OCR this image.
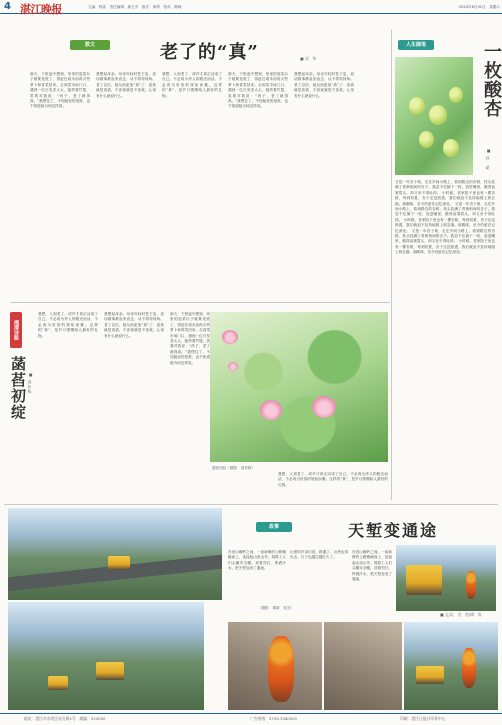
4 湛江晚报	主编：郭雷　责任编辑：龚卫平　版式：黄珺　校对：陈晓	2024年8月31日　星期六
散文	老了的“真”	■ 刘　华
那天，下班途中想到，家里的泡菜坛子就要见底了，得赶在周末前再买些萝卜和青菜回来。走到菜市场门口，遇到一位白发老太太，她挎着竹篮，笑着对我说：“孩子，老了就得真。”我愣住了，不知她说的是谁，也不知道她为何这样说。
我想起母亲。母亲年轻时性子急，说话做事都直来直去，从不拐弯抹角。老了以后，她反而更加“真”了：喜欢就是喜欢，不喜欢就是不喜欢，心里有什么就说什么。
我想，人到老了，或许才真正活成了自己。不必再为旁人的眼光而活，不必再为世俗的规矩而累。这样的“真”，是岁月馈赠给人最好的礼物。
那天，下班途中想到，家里的泡菜坛子就要见底了，得赶在周末前再买些萝卜和青菜回来。走到菜市场门口，遇到一位白发老太太，她挎着竹篮，笑着对我说：“孩子，老了就得真。”我愣住了，不知她说的是谁，也不知道她为何这样说。
我想起母亲。母亲年轻时性子急，说话做事都直来直去，从不拐弯抹角。老了以后，她反而更加“真”了：喜欢就是喜欢，不喜欢就是不喜欢，心里有什么就说什么。
人生随笔	一枚酸杏
■ 孙　斌
又是一年杏子黄，走在乡间小路上，看到路边的杏树，枝头挂满了青黄相间的杏子。我忍不住摘下一枚，放进嘴里，酸得直皱眉头，却又舍不得吐掉。 小时候，老家院子里也有一棵杏树，每到初夏，杏子还没熟透，我们就迫不及待地爬上树去摘。那酸味，至今仍留在记忆深处。 又是一年杏子黄，走在乡间小路上，看到路边的杏树，枝头挂满了青黄相间的杏子。我忍不住摘下一枚，放进嘴里，酸得直皱眉头，却又舍不得吐掉。 小时候，老家院子里也有一棵杏树，每到初夏，杏子还没熟透，我们就迫不及待地爬上树去摘。那酸味，至今仍留在记忆深处。 又是一年杏子黄，走在乡间小路上，看到路边的杏树，枝头挂满了青黄相间的杏子。我忍不住摘下一枚，放进嘴里，酸得直皱眉头，却又舍不得吐掉。 小时候，老家院子里也有一棵杏树，每到初夏，杏子还没熟透，我们就迫不及待地爬上树去摘。那酸味，至今仍留在记忆深处。
湘潭诗路
菡萏初绽 ■ 周作栋
我想，人到老了，或许才真正活成了自己。不必再为旁人的眼光而活，不必再为世俗的规矩而累。这样的“真”，是岁月馈赠给人最好的礼物。
我想起母亲。母亲年轻时性子急，说话做事都直来直去，从不拐弯抹角。老了以后，她反而更加“真”了：喜欢就是喜欢，不喜欢就是不喜欢，心里有什么就说什么。
那天，下班途中想到，家里的泡菜坛子就要见底了，得赶在周末前再买些萝卜和青菜回来。走到菜市场门口，遇到一位白发老太太，她挎着竹篮，笑着对我说：“孩子，老了就得真。”我愣住了，不知她说的是谁，也不知道她为何这样说。
菡萏初绽（摄影　周作栋）
我想，人到老了，或许才真正活成了自己。不必再为旁人的眼光而活，不必再为世俗的规矩而累。这样的“真”，是岁月馈赠给人最好的礼物。
故事	天堑变通途
在崇山峻岭之间，一条新修的公路蜿蜒而上，连接起山里山外。筑路工人们头戴安全帽，顶着烈日，挥洒汗水，把天堑变成了通途。
山里的乡亲们说，路通了，山货运得出去，日子也越过越红火了。
在崇山峻岭之间，一条新修的公路蜿蜒而上，连接起山里山外。筑路工人们头戴安全帽，顶着烈日，挥洒汗水，把天堑变成了通途。
（摄影　谭涛　吴芳）
■ 文/吴　芳　图/谭　涛
地址：湛江市赤坎区南方路2号　邮编：524000	广告热线：0759-3380000	印刷：湛江日报社印务中心
